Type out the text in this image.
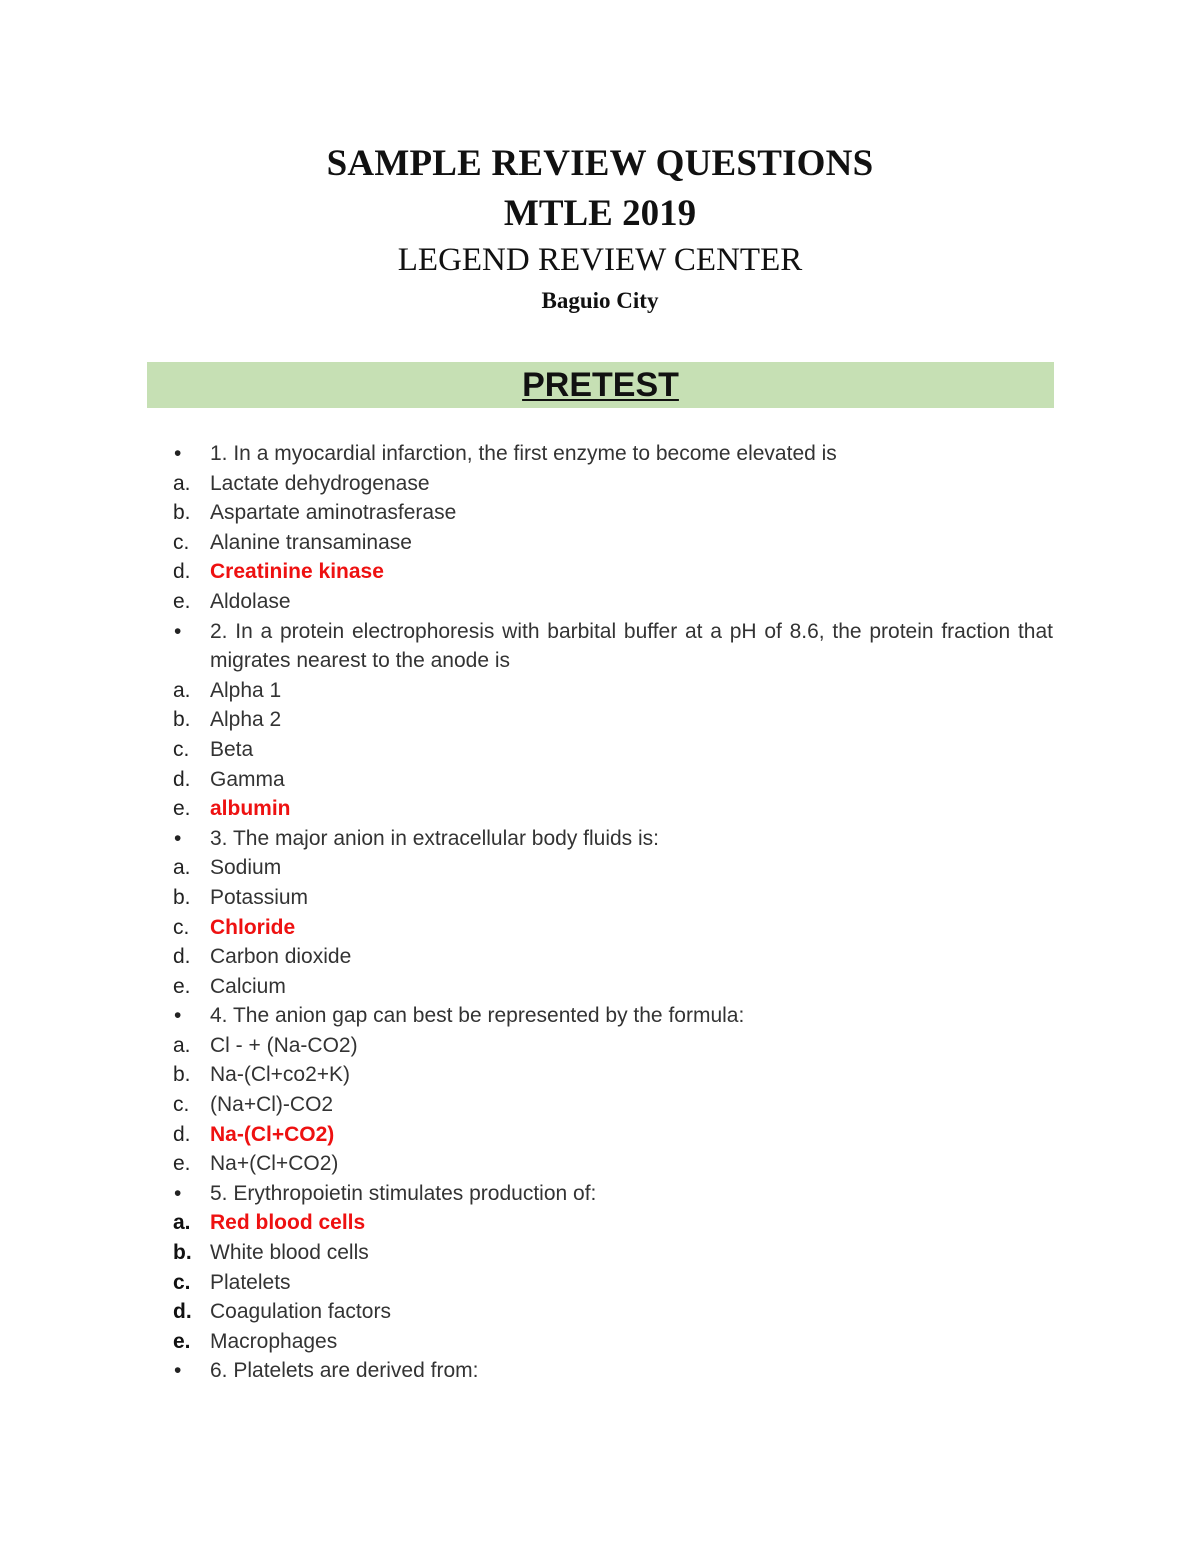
SAMPLE REVIEW QUESTIONS
MTLE 2019
LEGEND REVIEW CENTER
Baguio City
PRETEST
•	1. In a myocardial infarction, the first enzyme to become elevated is
a. Lactate dehydrogenase
b. Aspartate aminotrasferase
c. Alanine transaminase
d. Creatinine kinase
e. Aldolase
•	2. In a protein electrophoresis with barbital buffer at a pH of 8.6, the protein fraction that migrates nearest to the anode is
a. Alpha 1
b. Alpha 2
c. Beta
d. Gamma
e. albumin
•	3. The major anion in extracellular body fluids is:
a. Sodium
b. Potassium
c. Chloride
d. Carbon dioxide
e. Calcium
•	4. The anion gap can best be represented by the formula:
a. Cl - + (Na-CO2)
b. Na-(Cl+co2+K)
c. (Na+Cl)-CO2
d. Na-(Cl+CO2)
e. Na+(Cl+CO2)
•	5. Erythropoietin stimulates production of:
a. Red blood cells
b. White blood cells
c. Platelets
d. Coagulation factors
e. Macrophages
•	6. Platelets are derived from:
